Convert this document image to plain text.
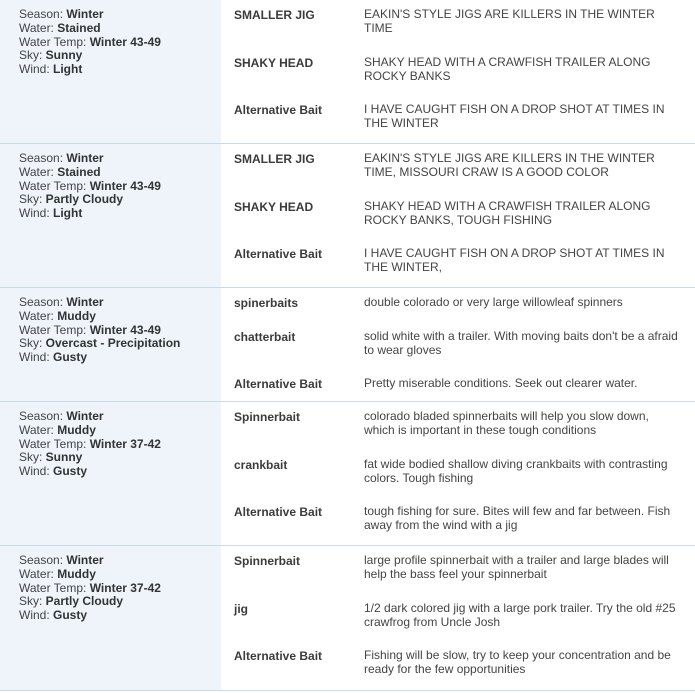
Season: Winter
Water: Stained
Water Temp: Winter 43-49
Sky: Sunny
Wind: Light
SMALLER JIG	EAKIN'S STYLE JIGS ARE KILLERS IN THE WINTER TIME
SHAKY HEAD	SHAKY HEAD WITH A CRAWFISH TRAILER ALONG ROCKY BANKS
Alternative Bait	I HAVE CAUGHT FISH ON A DROP SHOT AT TIMES IN THE WINTER
Season: Winter
Water: Stained
Water Temp: Winter 43-49
Sky: Partly Cloudy
Wind: Light
SMALLER JIG	EAKIN'S STYLE JIGS ARE KILLERS IN THE WINTER TIME, MISSOURI CRAW IS A GOOD COLOR
SHAKY HEAD	SHAKY HEAD WITH A CRAWFISH TRAILER ALONG ROCKY BANKS, TOUGH FISHING
Alternative Bait	I HAVE CAUGHT FISH ON A DROP SHOT AT TIMES IN THE WINTER,
Season: Winter
Water: Muddy
Water Temp: Winter 43-49
Sky: Overcast - Precipitation
Wind: Gusty
spinerbaits	double colorado or very large willowleaf spinners
chatterbait	solid white with a trailer. With moving baits don't be a afraid to wear gloves
Alternative Bait	Pretty miserable conditions. Seek out clearer water.
Season: Winter
Water: Muddy
Water Temp: Winter 37-42
Sky: Sunny
Wind: Gusty
Spinnerbait	colorado bladed spinnerbaits will help you slow down, which is important in these tough conditions
crankbait	fat wide bodied shallow diving crankbaits with contrasting colors. Tough fishing
Alternative Bait	tough fishing for sure. Bites will few and far between. Fish away from the wind with a jig
Season: Winter
Water: Muddy
Water Temp: Winter 37-42
Sky: Partly Cloudy
Wind: Gusty
Spinnerbait	large profile spinnerbait with a trailer and large blades will help the bass feel your spinnerbait
jig	1/2 dark colored jig with a large pork trailer. Try the old #25 crawfrog from Uncle Josh
Alternative Bait	Fishing will be slow, try to keep your concentration and be ready for the few opportunities
